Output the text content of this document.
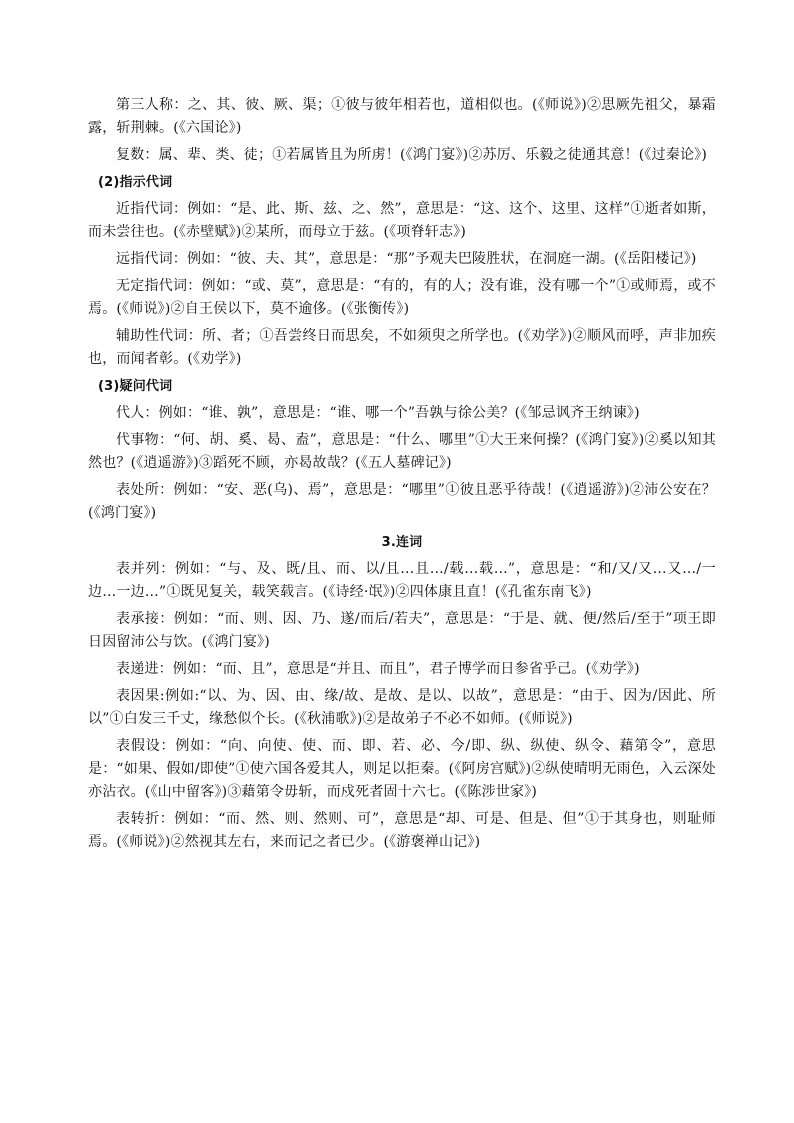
第三人称：之、其、彼、厥、渠；①彼与彼年相若也，道相似也。(《师说》)②思厥先祖父，暴霜露，斩荆棘。(《六国论》)

复数：属、辈、类、徒；①若属皆且为所虏！(《鸿门宴》)②苏厉、乐毅之徒通其意！(《过秦论》)

(2)指示代词

近指代词：例如：“是、此、斯、兹、之、然”，意思是：“这、这个、这里、这样”①逝者如斯，而未尝往也。(《赤壁赋》)②某所，而母立于兹。(《项脊轩志》)

远指代词：例如：“彼、夫、其”，意思是：“那”予观夫巴陵胜状，在洞庭一湖。(《岳阳楼记》)

无定指代词：例如：“或、莫”，意思是：“有的，有的人；没有谁，没有哪一个”①或师焉，或不焉。(《师说》)②自王侯以下，莫不逾侈。(《张衡传》)

辅助性代词：所、者；①吾尝终日而思矣，不如须臾之所学也。(《劝学》)②顺风而呼，声非加疾也，而闻者彰。(《劝学》)

(3)疑问代词

代人：例如：“谁、孰”，意思是：“谁、哪一个”吾孰与徐公美？(《邹忌讽齐王纳谏》)

代事物：“何、胡、奚、曷、盍”，意思是：“什么、哪里”①大王来何操？(《鸿门宴》)②奚以知其然也？(《逍遥游》)③蹈死不顾，亦曷故哉？(《五人墓碑记》)

表处所：例如：“安、恶(乌)、焉”，意思是：“哪里”①彼且恶乎待哉！(《逍遥游》)②沛公安在？(《鸿门宴》)

3.连词

表并列：例如：“与、及、既/且、而、以/且…且…/载…载…”，意思是：“和/又/又…又…/一边…一边…”①既见复关，载笑载言。(《诗经·氓》)②四体康且直！(《孔雀东南飞》)

表承接：例如：“而、则、因、乃、遂/而后/若夫”，意思是：“于是、就、便/然后/至于”项王即日因留沛公与饮。(《鸿门宴》)

表递进：例如：“而、且”，意思是“并且、而且”，君子博学而日参省乎己。(《劝学》)

表因果:例如:“以、为、因、由、缘/故、是故、是以、以故”，意思是：“由于、因为/因此、所以”①白发三千丈，缘愁似个长。(《秋浦歌》)②是故弟子不必不如师。(《师说》)

表假设：例如：“向、向使、使、而、即、若、必、今/即、纵、纵使、纵令、藉第令”，意思是：“如果、假如/即使”①使六国各爱其人，则足以拒秦。(《阿房宫赋》)②纵使晴明无雨色，入云深处亦沾衣。(《山中留客》)③藉第令毋斩，而戍死者固十六七。(《陈涉世家》)

表转折：例如：“而、然、则、然则、可”，意思是“却、可是、但是、但”①于其身也，则耻师焉。(《师说》)②然视其左右，来而记之者已少。(《游褒禅山记》)
